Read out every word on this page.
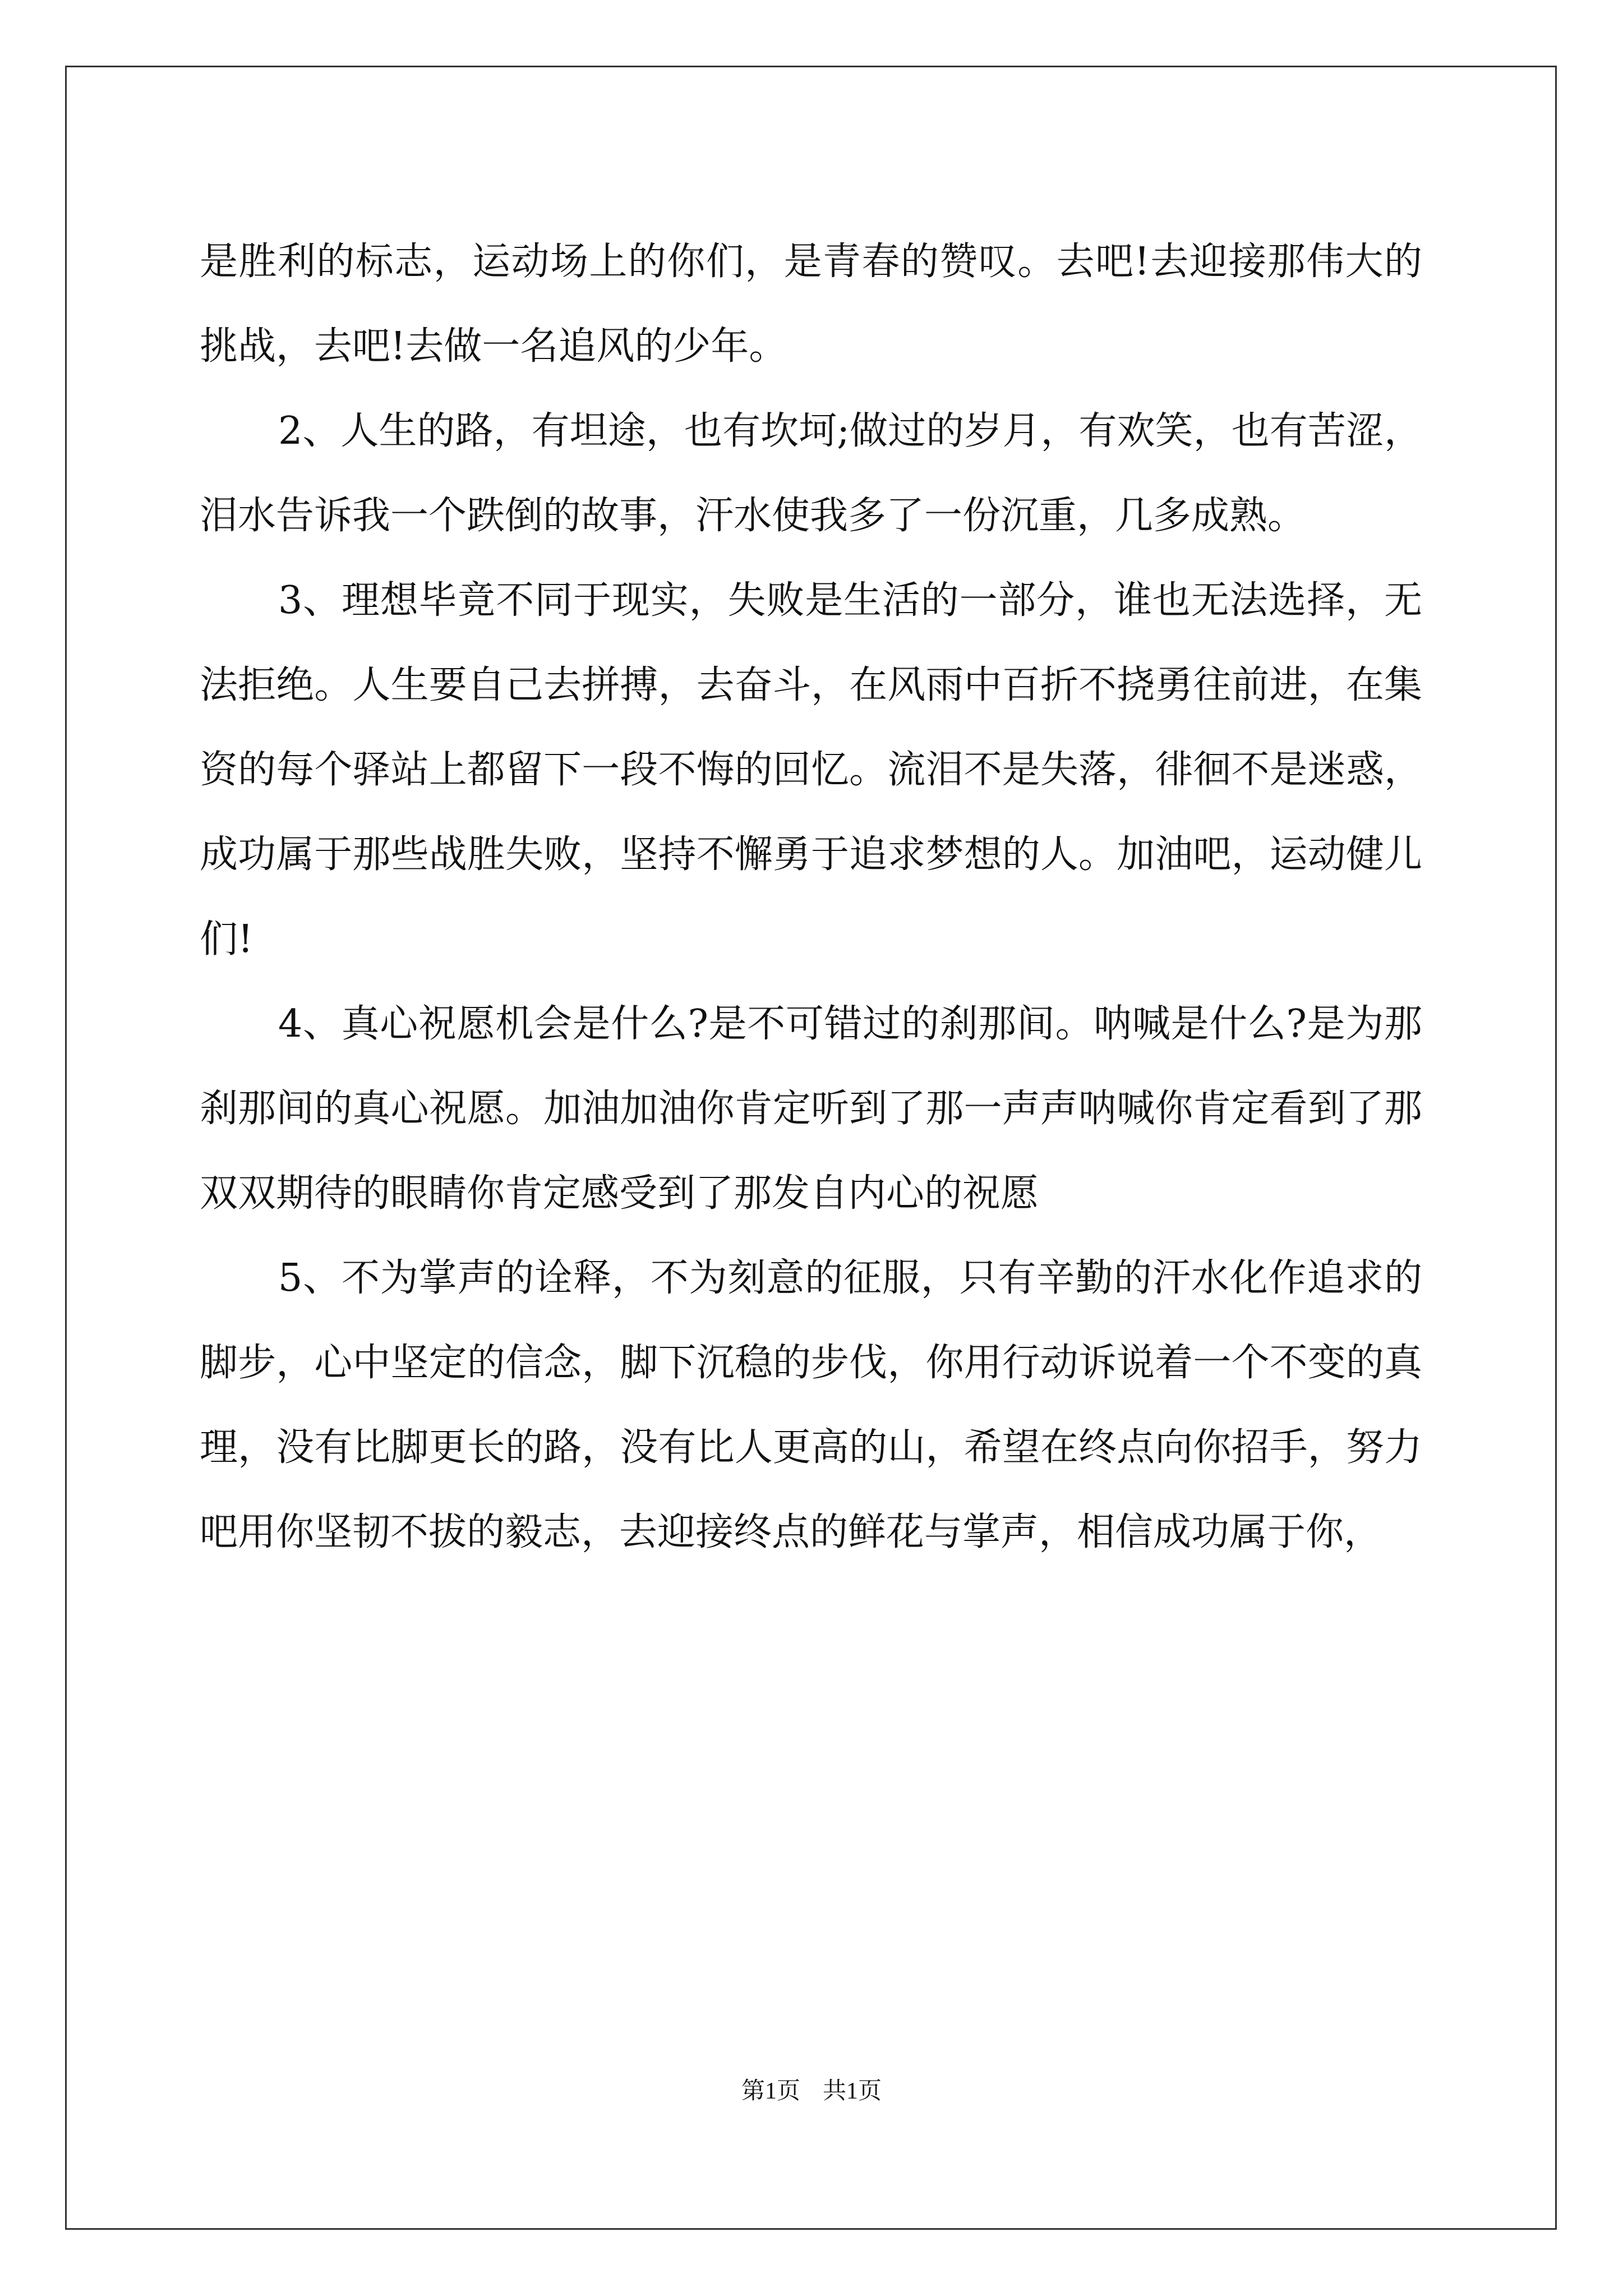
是胜利的标志，运动场上的你们，是青春的赞叹。去吧!去迎接那伟大的挑战，去吧!去做一名追风的少年。

2、人生的路，有坦途，也有坎坷;做过的岁月，有欢笑，也有苦涩，泪水告诉我一个跌倒的故事，汗水使我多了一份沉重，几多成熟。

3、理想毕竟不同于现实，失败是生活的一部分，谁也无法选择，无法拒绝。人生要自己去拼搏，去奋斗，在风雨中百折不挠勇往前进，在集资的每个驿站上都留下一段不悔的回忆。流泪不是失落，徘徊不是迷惑，成功属于那些战胜失败，坚持不懈勇于追求梦想的人。加油吧，运动健儿们!

4、真心祝愿机会是什么?是不可错过的刹那间。呐喊是什么?是为那刹那间的真心祝愿。加油加油你肯定听到了那一声声呐喊你肯定看到了那双双期待的眼睛你肯定感受到了那发自内心的祝愿

5、不为掌声的诠释，不为刻意的征服，只有辛勤的汗水化作追求的脚步，心中坚定的信念，脚下沉稳的步伐，你用行动诉说着一个不变的真理，没有比脚更长的路，没有比人更高的山，希望在终点向你招手，努力吧用你坚韧不拔的毅志，去迎接终点的鲜花与掌声，相信成功属于你，

第1页 共1页
